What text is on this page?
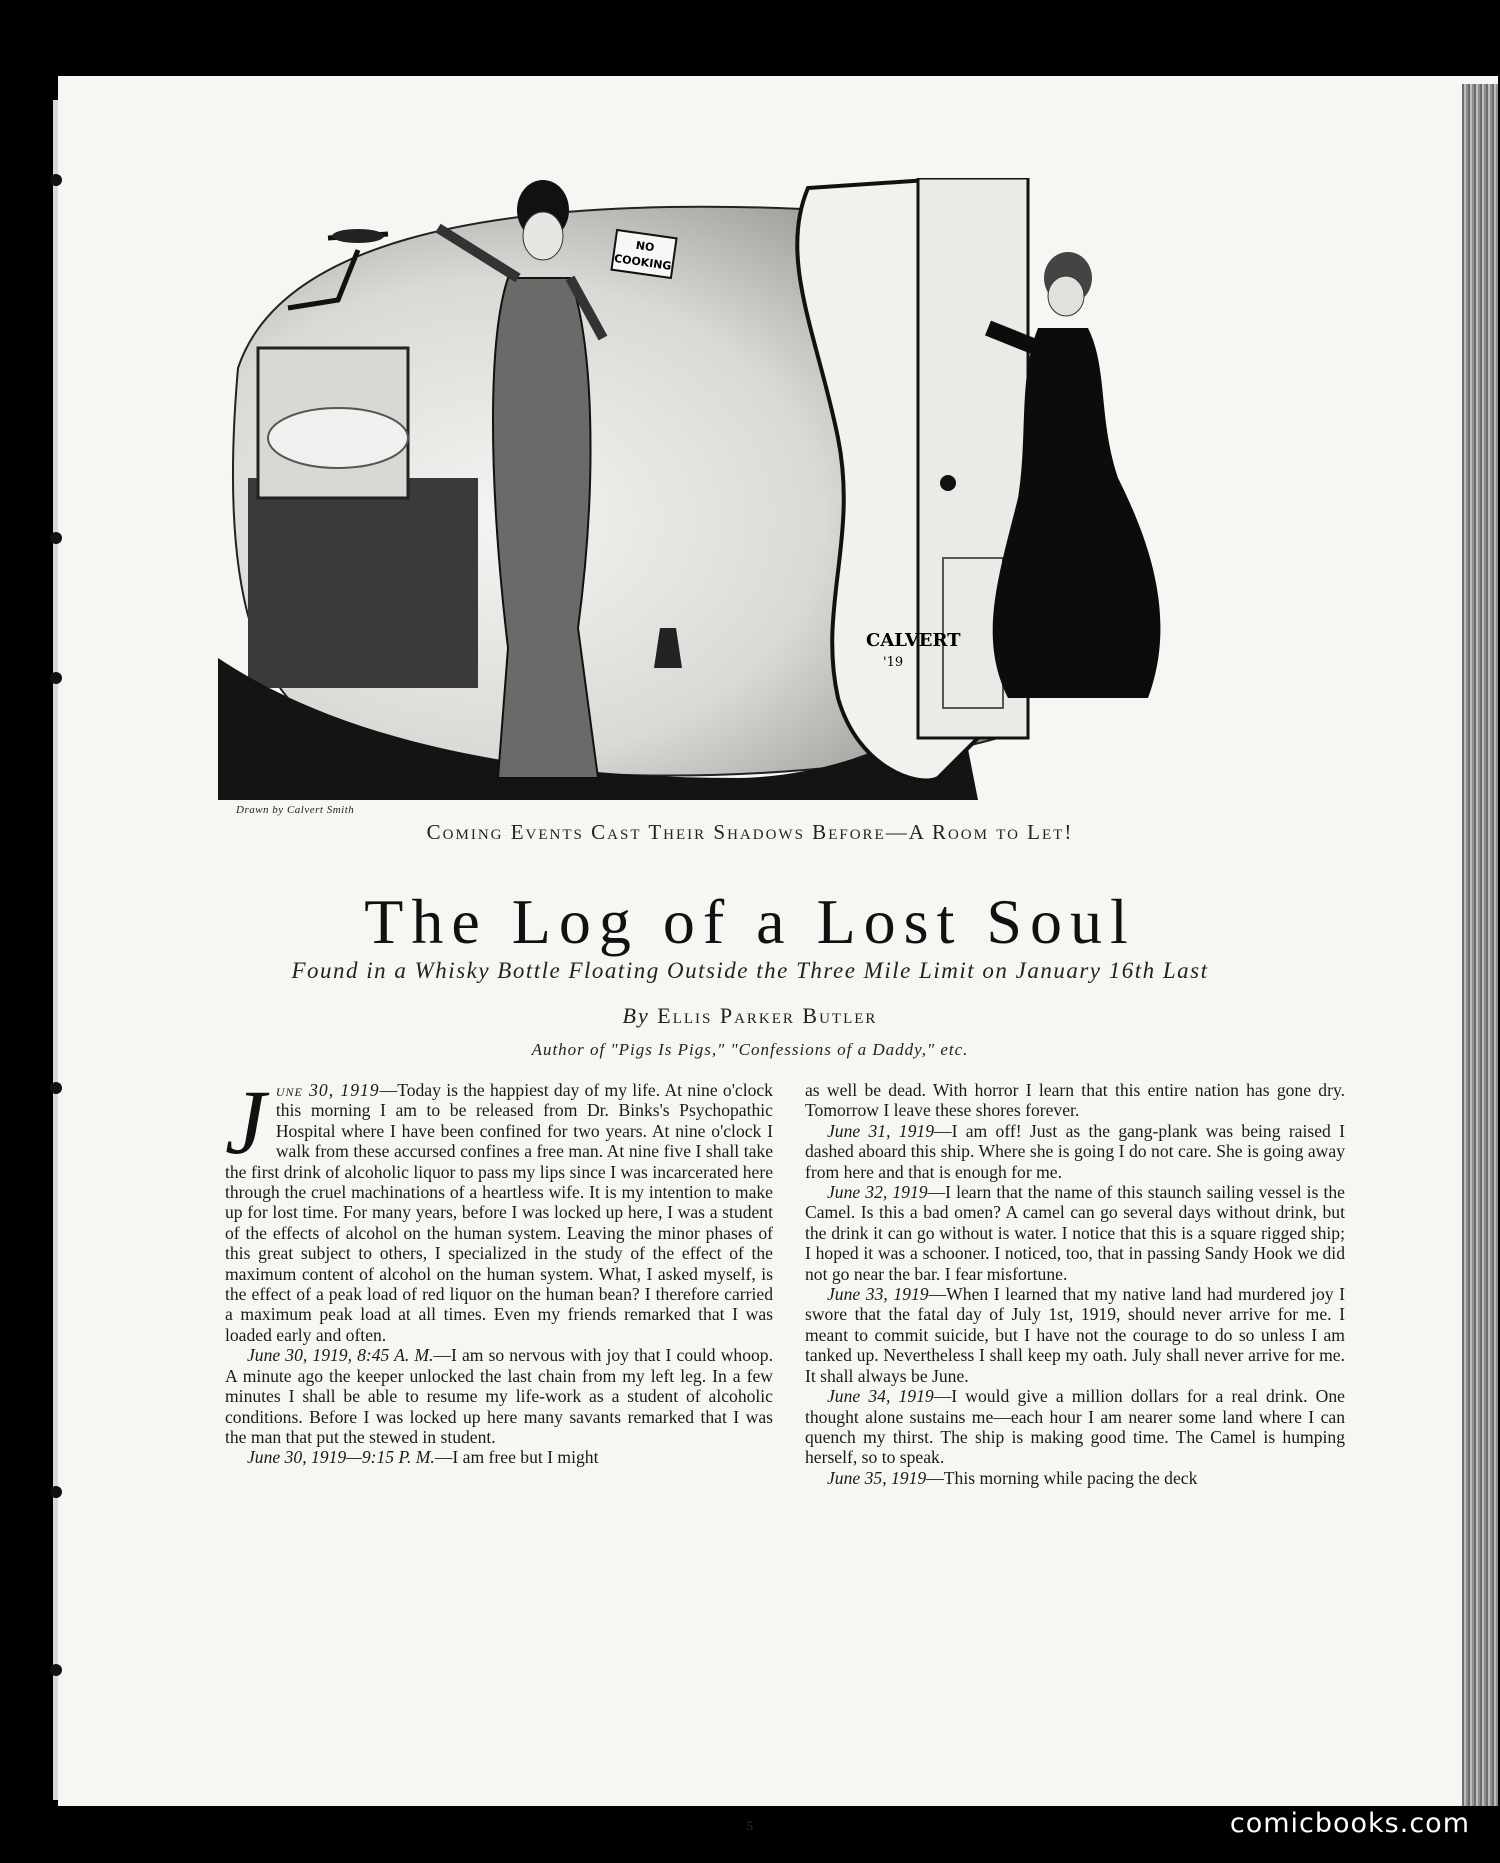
NO
COOKING
CALVERT
'19
Drawn by Calvert Smith
Coming Events Cast Their Shadows Before—A Room to Let!
The Log of a Lost Soul
Found in a Whisky Bottle Floating Outside the Three Mile Limit on January 16th Last
By Ellis Parker Butler
Author of "Pigs Is Pigs," "Confessions of a Daddy," etc.

June 30, 1919—Today is the happiest day of my life. At nine o'clock this morning I am to be released from Dr. Binks's Psychopathic Hospital where I have been confined for two years. At nine o'clock I walk from these accursed confines a free man. At nine five I shall take the first drink of alcoholic liquor to pass my lips since I was incarcerated here through the cruel machinations of a heartless wife. It is my intention to make up for lost time. For many years, before I was locked up here, I was a student of the effects of alcohol on the human system. Leaving the minor phases of this great subject to others, I specialized in the study of the effect of the maximum content of alcohol on the human system. What, I asked myself, is the effect of a peak load of red liquor on the human bean? I therefore carried a maximum peak load at all times. Even my friends remarked that I was loaded early and often.

June 30, 1919, 8:45 A. M.—I am so nervous with joy that I could whoop. A minute ago the keeper unlocked the last chain from my left leg. In a few minutes I shall be able to resume my life-work as a student of alcoholic conditions. Before I was locked up here many savants remarked that I was the man that put the stewed in student.

June 30, 1919—9:15 P. M.—I am free but I might

as well be dead. With horror I learn that this entire nation has gone dry. Tomorrow I leave these shores forever.

June 31, 1919—I am off! Just as the gang-plank was being raised I dashed aboard this ship. Where she is going I do not care. She is going away from here and that is enough for me.

June 32, 1919—I learn that the name of this staunch sailing vessel is the Camel. Is this a bad omen? A camel can go several days without drink, but the drink it can go without is water. I notice that this is a square rigged ship; I hoped it was a schooner. I noticed, too, that in passing Sandy Hook we did not go near the bar. I fear misfortune.

June 33, 1919—When I learned that my native land had murdered joy I swore that the fatal day of July 1st, 1919, should never arrive for me. I meant to commit suicide, but I have not the courage to do so unless I am tanked up. Nevertheless I shall keep my oath. July shall never arrive for me. It shall always be June.

June 34, 1919—I would give a million dollars for a real drink. One thought alone sustains me—each hour I am nearer some land where I can quench my thirst. The ship is making good time. The Camel is humping herself, so to speak.

June 35, 1919—This morning while pacing the deck

5	comicbooks.com
